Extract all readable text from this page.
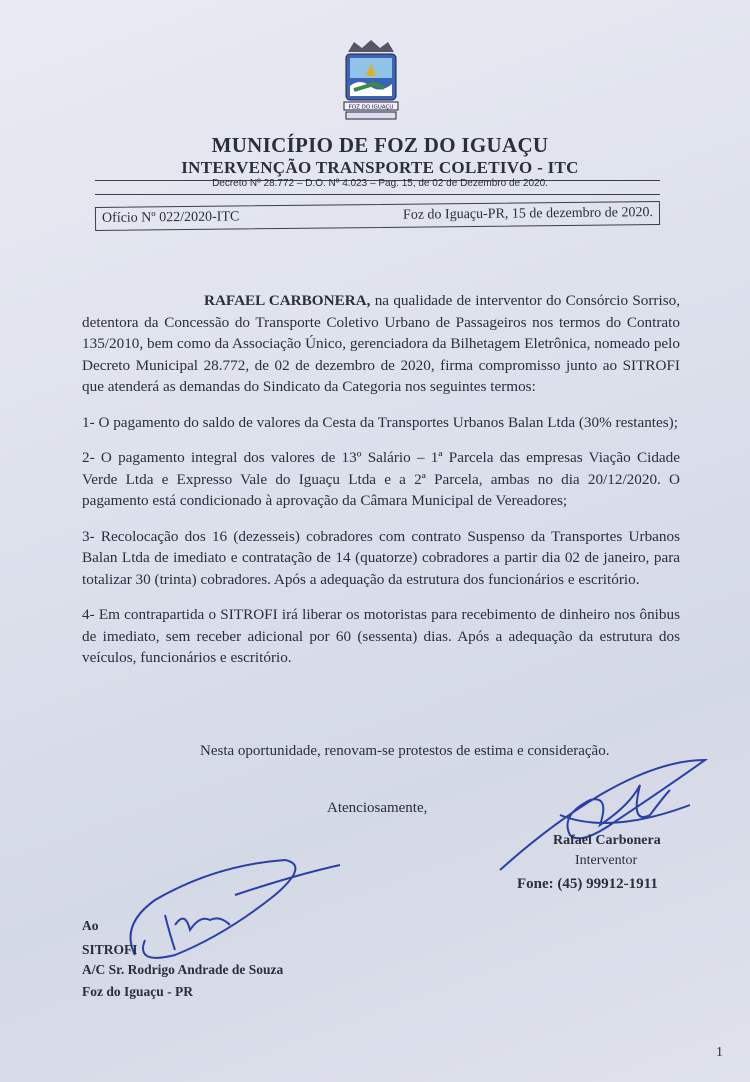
FOZ DO IGUAÇU
MUNICÍPIO DE FOZ DO IGUAÇU
INTERVENÇÃO TRANSPORTE COLETIVO - ITC
Decreto Nº 28.772 – D.O. Nº 4.023 – Pag. 15, de 02 de Dezembro de 2020.
Ofício Nº 022/2020-ITC	Foz do Iguaçu-PR, 15 de dezembro de 2020.

RAFAEL CARBONERA, na qualidade de interventor do Consórcio Sorriso, detentora da Concessão do Transporte Coletivo Urbano de Passageiros nos termos do Contrato 135/2010, bem como da Associação Único, gerenciadora da Bilhetagem Eletrônica, nomeado pelo Decreto Municipal 28.772, de 02 de dezembro de 2020, firma compromisso junto ao SITROFI que atenderá as demandas do Sindicato da Categoria nos seguintes termos:

1- O pagamento do saldo de valores da Cesta da Transportes Urbanos Balan Ltda (30% restantes);

2- O pagamento integral dos valores de 13º Salário – 1ª Parcela das empresas Viação Cidade Verde Ltda e Expresso Vale do Iguaçu Ltda e a 2ª Parcela, ambas no dia 20/12/2020. O pagamento está condicionado à aprovação da Câmara Municipal de Vereadores;

3- Recolocação dos 16 (dezesseis) cobradores com contrato Suspenso da Transportes Urbanos Balan Ltda de imediato e contratação de 14 (quatorze) cobradores a partir dia 02 de janeiro, para totalizar 30 (trinta) cobradores. Após a adequação da estrutura dos funcionários e escritório.

4- Em contrapartida o SITROFI irá liberar os motoristas para recebimento de dinheiro nos ônibus de imediato, sem receber adicional por 60 (sessenta) dias. Após a adequação da estrutura dos veículos, funcionários e escritório.

Nesta oportunidade, renovam-se protestos de estima e consideração.
Atenciosamente,
Rafael Carbonera
Interventor
Fone: (45) 99912-1911
Ao
SITROFI
A/C Sr. Rodrigo Andrade de Souza
Foz do Iguaçu - PR
1
